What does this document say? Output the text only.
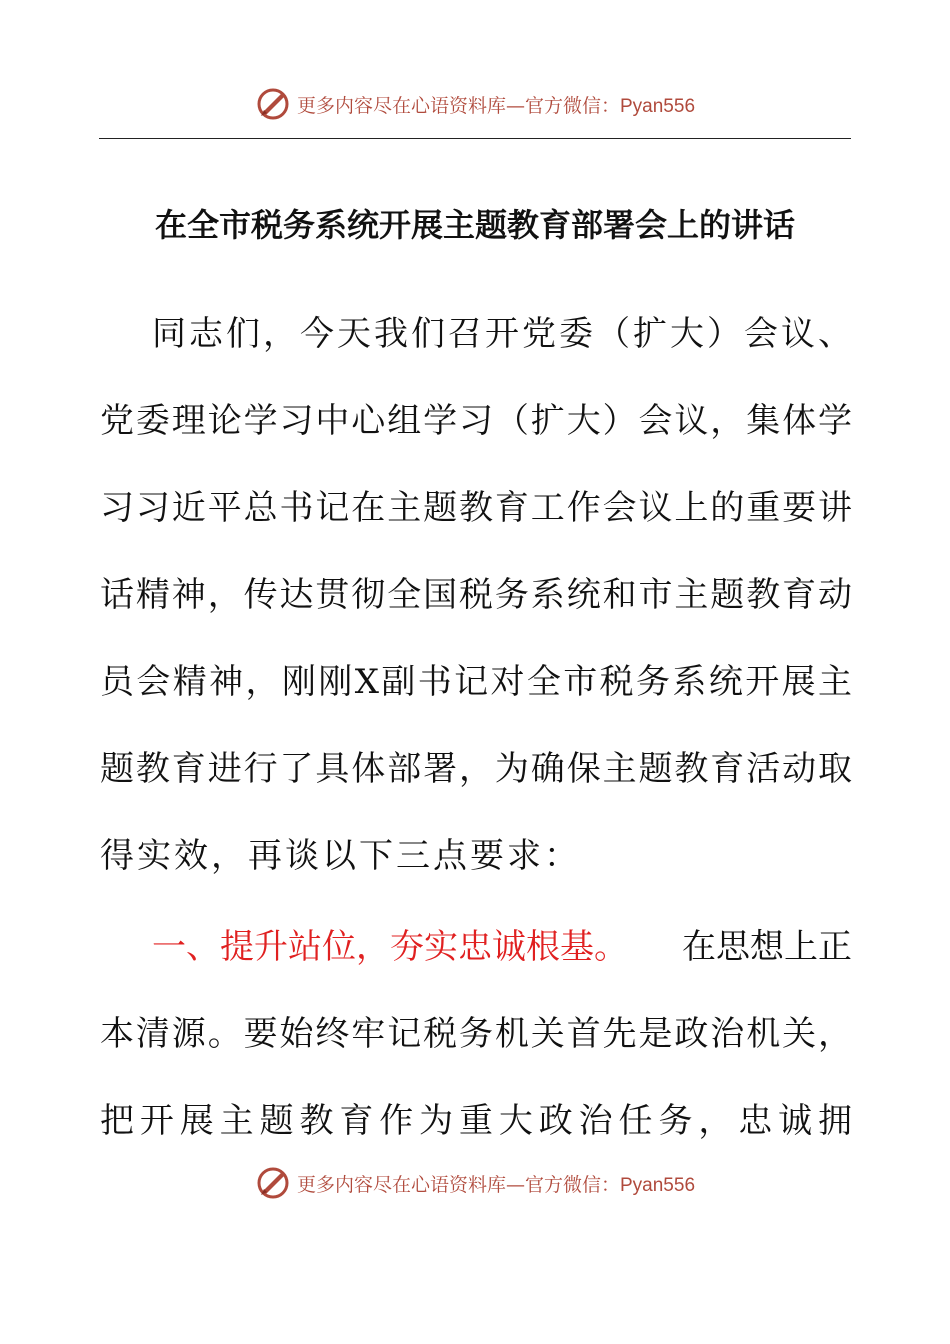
更多内容尽在心语资料库—官方微信：Pyan556
在全市税务系统开展主题教育部署会上的讲话
同志们，今天我们召开党委（扩大）会议、
党委理论学习中心组学习（扩大）会议，集体学
习习近平总书记在主题教育工作会议上的重要讲
话精神，传达贯彻全国税务系统和市主题教育动
员会精神，刚刚X副书记对全市税务系统开展主
题教育进行了具体部署，为确保主题教育活动取
得实效，再谈以下三点要求：
一、提升站位，夯实忠诚根基。 在思想上正
本清源。要始终牢记税务机关首先是政治机关，
把开展主题教育作为重大政治任务，忠诚拥
更多内容尽在心语资料库—官方微信：Pyan556
